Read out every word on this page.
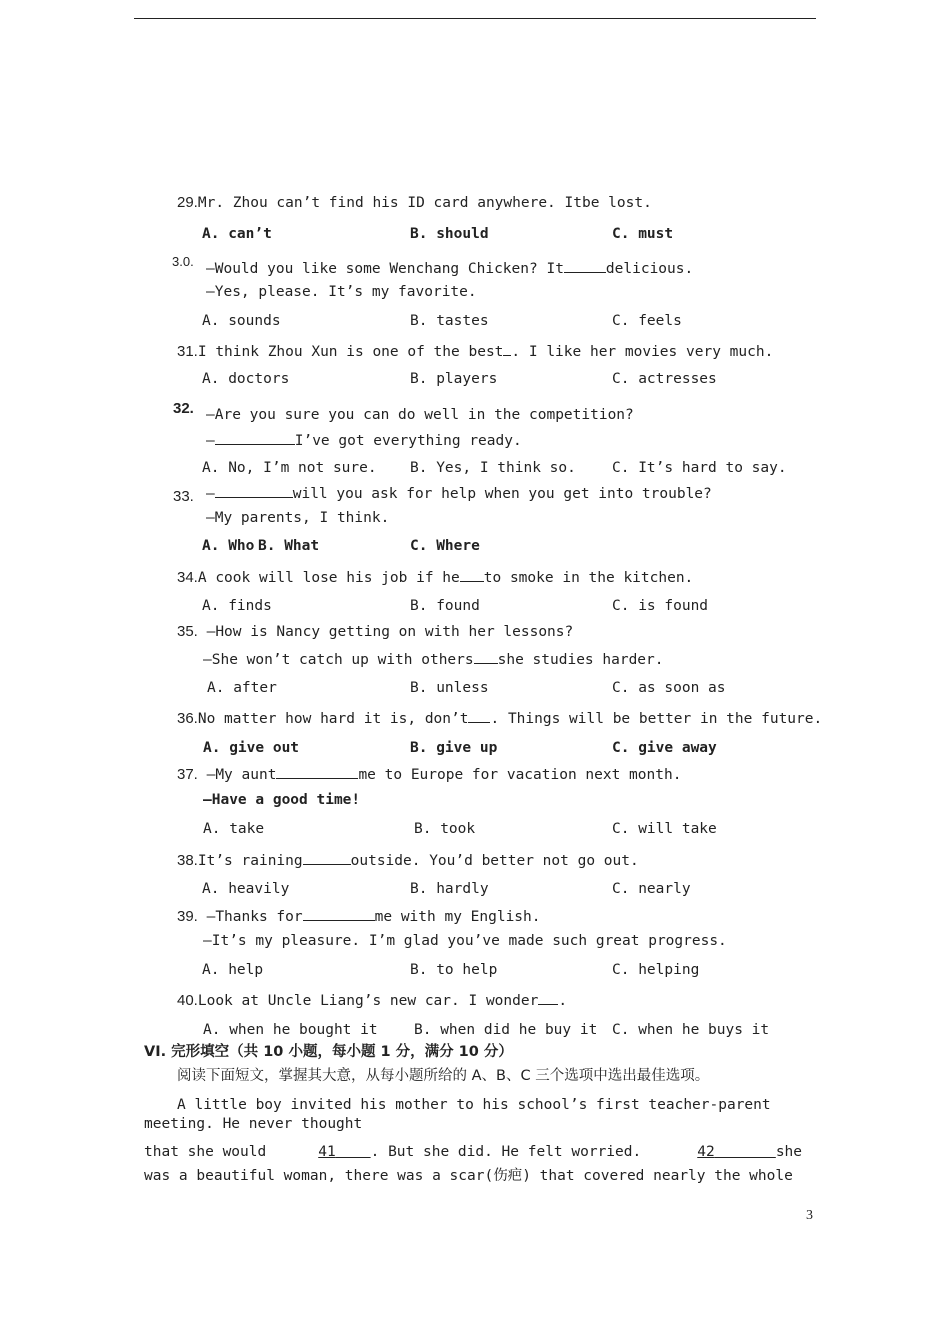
29.Mr. Zhou can’t find his ID card anywhere. Itbe lost.
A. can’t	B. should	C. must
3.0. —Would you like some Wenchang Chicken? It	delicious.
—Yes, please. It’s my favorite.
A. sounds	B. tastes	C. feels
31.I think Zhou Xun is one of the best . I like her movies very much.
A. doctors	B. players	C. actresses
32. —Are you sure you can do well in the competition?
—	I’ve got everything ready.
A. No, I’m not sure. B. Yes, I think so. C. It’s hard to say.
33. —	will you ask for help when you get into trouble?
—My parents, I think.
A. Who B. What	C. Where
34.A cook will lose his job if he to smoke in the kitchen.
A. finds	B. found	C. is found
35. —How is Nancy getting on with her lessons?
—She won’t catch up with others she studies harder.
A. after	B. unless	C. as soon as
36.No matter how hard it is, don’t . Things will be better in the future.
A. give out	B. give up	C. give away
37. —My aunt	me to Europe for vacation next month.
—Have a good time!
A. take	B. took	C. will take
38.It’s raining	outside. You’d better not go out.
A. heavily	B. hardly	C. nearly
39. —Thanks for	me with my English.
—It’s my pleasure. I’m glad you’ve made such great progress.
A. help	B. to help	C. helping
40.Look at Uncle Liang’s new car. I wonder .
A. when he bought it	B. when did he buy it C. when he buys it
VI. 完形填空（共 10 小题，每小题 1 分，满分 10 分）
阅读下面短文，掌握其大意，从每小题所给的 A、B、C 三个选项中选出最佳选项。
A little boy invited his mother to his school’s first teacher-parent
meeting. He never thought
that she would	41 . But she did. He felt worried.	42	she
was a beautiful woman, there was a scar(伤疤) that covered nearly the whole
3
